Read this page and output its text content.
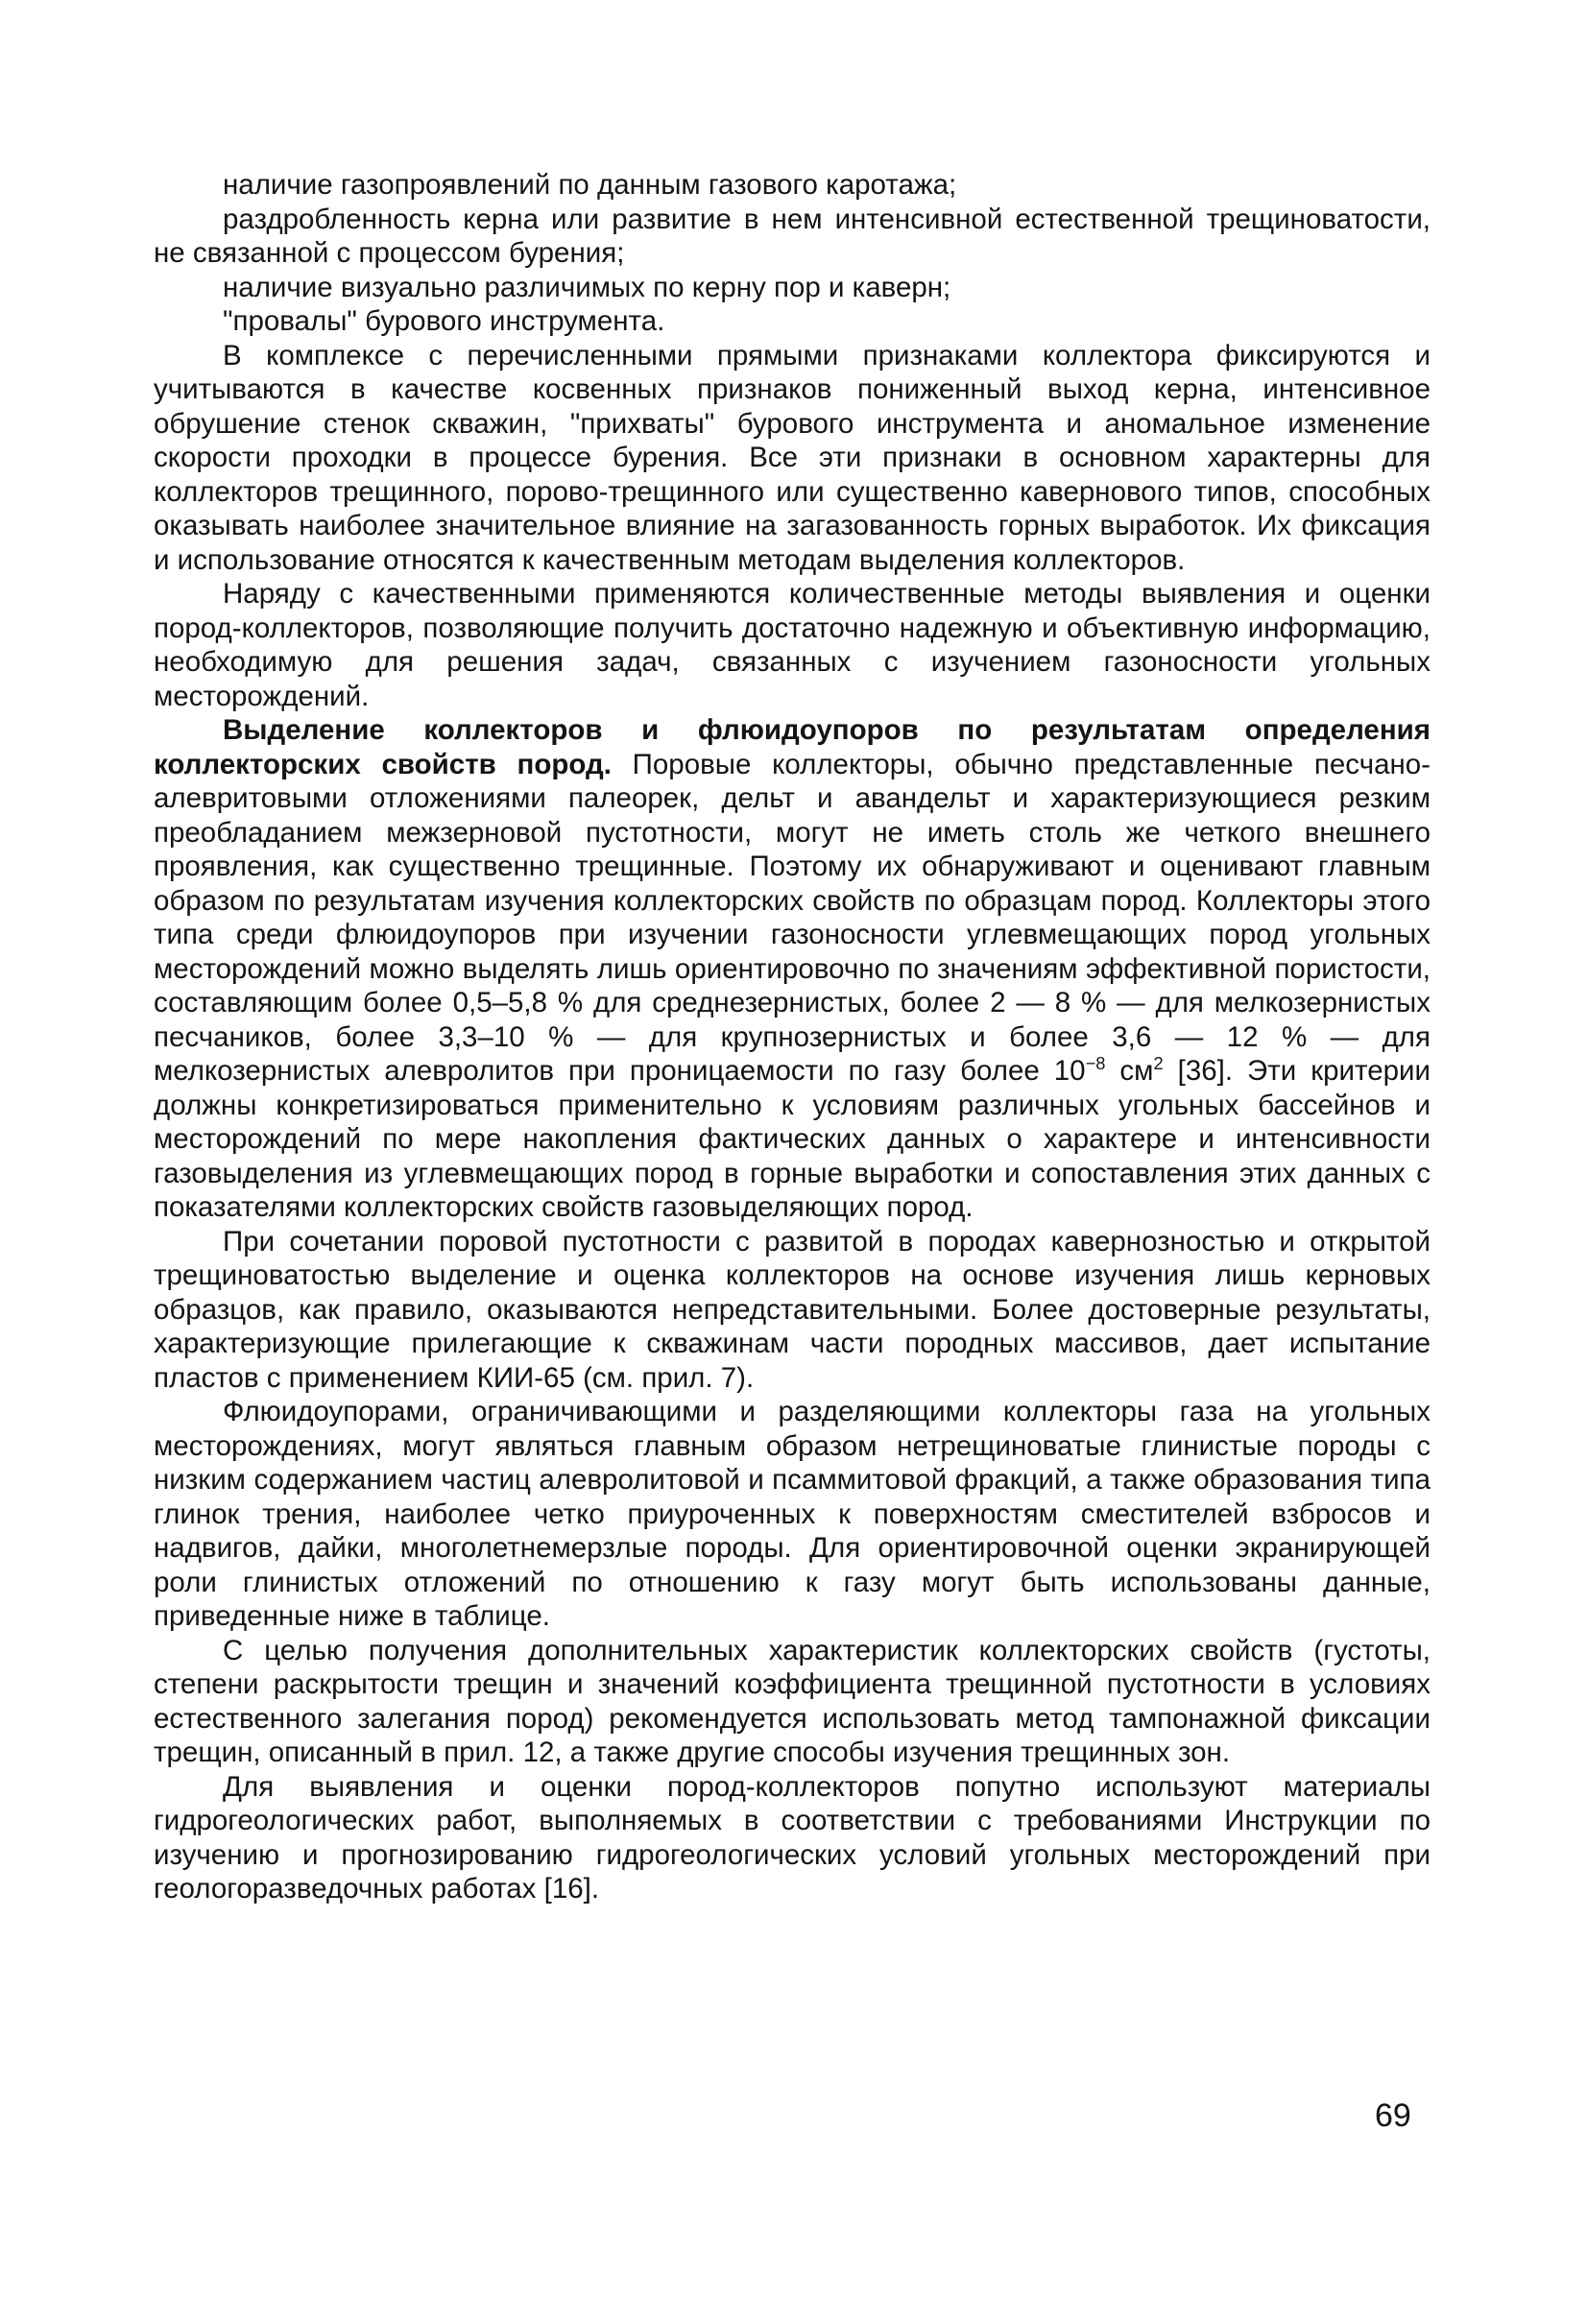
наличие газопроявлений по данным газового каротажа;

раздробленность керна или развитие в нем интенсивной естественной трещиноватости, не связанной с процессом бурения;

наличие визуально различимых по керну пор и каверн;

"провалы" бурового инструмента.

В комплексе с перечисленными прямыми признаками коллектора фиксируются и учитываются в качестве косвенных признаков пониженный выход керна, интенсивное обрушение стенок скважин, "прихваты" бурового инструмента и аномальное изменение скорости проходки в процессе бурения. Все эти признаки в основном характерны для коллекторов трещинного, порово-трещинного или существенно кавернового типов, способных оказывать наиболее значительное влияние на загазованность горных выработок. Их фиксация и использование относятся к качественным методам выделения коллекторов.

Наряду с качественными применяются количественные методы выявления и оценки пород-коллекторов, позволяющие получить достаточно надежную и объективную информацию, необходимую для решения задач, связанных с изучением газоносности угольных месторождений.

Выделение коллекторов и флюидоупоров по результатам определения коллекторских свойств пород. Поровые коллекторы, обычно представленные песчано-алевритовыми отложениями палеорек, дельт и авандельт и характеризующиеся резким преобладанием межзерновой пустотности, могут не иметь столь же четкого внешнего проявления, как существенно трещинные. Поэтому их обнаруживают и оценивают главным образом по результатам изучения коллекторских свойств по образцам пород. Коллекторы этого типа среди флюидоупоров при изучении газоносности углевмещающих пород угольных месторождений можно выделять лишь ориентировочно по значениям эффективной пористости, составляющим более 0,5–5,8 % для среднезернистых, более 2 — 8 % — для мелкозернистых песчаников, более 3,3–10 % — для крупнозернистых и более 3,6 — 12 % — для мелкозернистых алевролитов при проницаемости по газу более $10^{-8}$ $см^2$ [36]. Эти критерии должны конкретизироваться применительно к условиям различных угольных бассейнов и месторождений по мере накопления фактических данных о характере и интенсивности газовыделения из углевмещающих пород в горные выработки и сопоставления этих данных с показателями коллекторских свойств газовыделяющих пород.

При сочетании поровой пустотности с развитой в породах кавернозностью и открытой трещиноватостью выделение и оценка коллекторов на основе изучения лишь керновых образцов, как правило, оказываются непредставительными. Более достоверные результаты, характеризующие прилегающие к скважинам части породных массивов, дает испытание пластов с применением КИИ-65 (см. прил. 7).

Флюидоупорами, ограничивающими и разделяющими коллекторы газа на угольных месторождениях, могут являться главным образом нетрещиноватые глинистые породы с низким содержанием частиц алевролитовой и псаммитовой фракций, а также образования типа глинок трения, наиболее четко приуроченных к поверхностям сместителей взбросов и надвигов, дайки, многолетнемерзлые породы. Для ориентировочной оценки экранирующей роли глинистых отложений по отношению к газу могут быть использованы данные, приведенные ниже в таблице.

С целью получения дополнительных характеристик коллекторских свойств (густоты, степени раскрытости трещин и значений коэффициента трещинной пустотности в условиях естественного залегания пород) рекомендуется использовать метод тампонажной фиксации трещин, описанный в прил. 12, а также другие способы изучения трещинных зон.

Для выявления и оценки пород-коллекторов попутно используют материалы гидрогеологических работ, выполняемых в соответствии с требованиями Инструкции по изучению и прогнозированию гидрогеологических условий угольных месторождений при геологоразведочных работах [16].

69
